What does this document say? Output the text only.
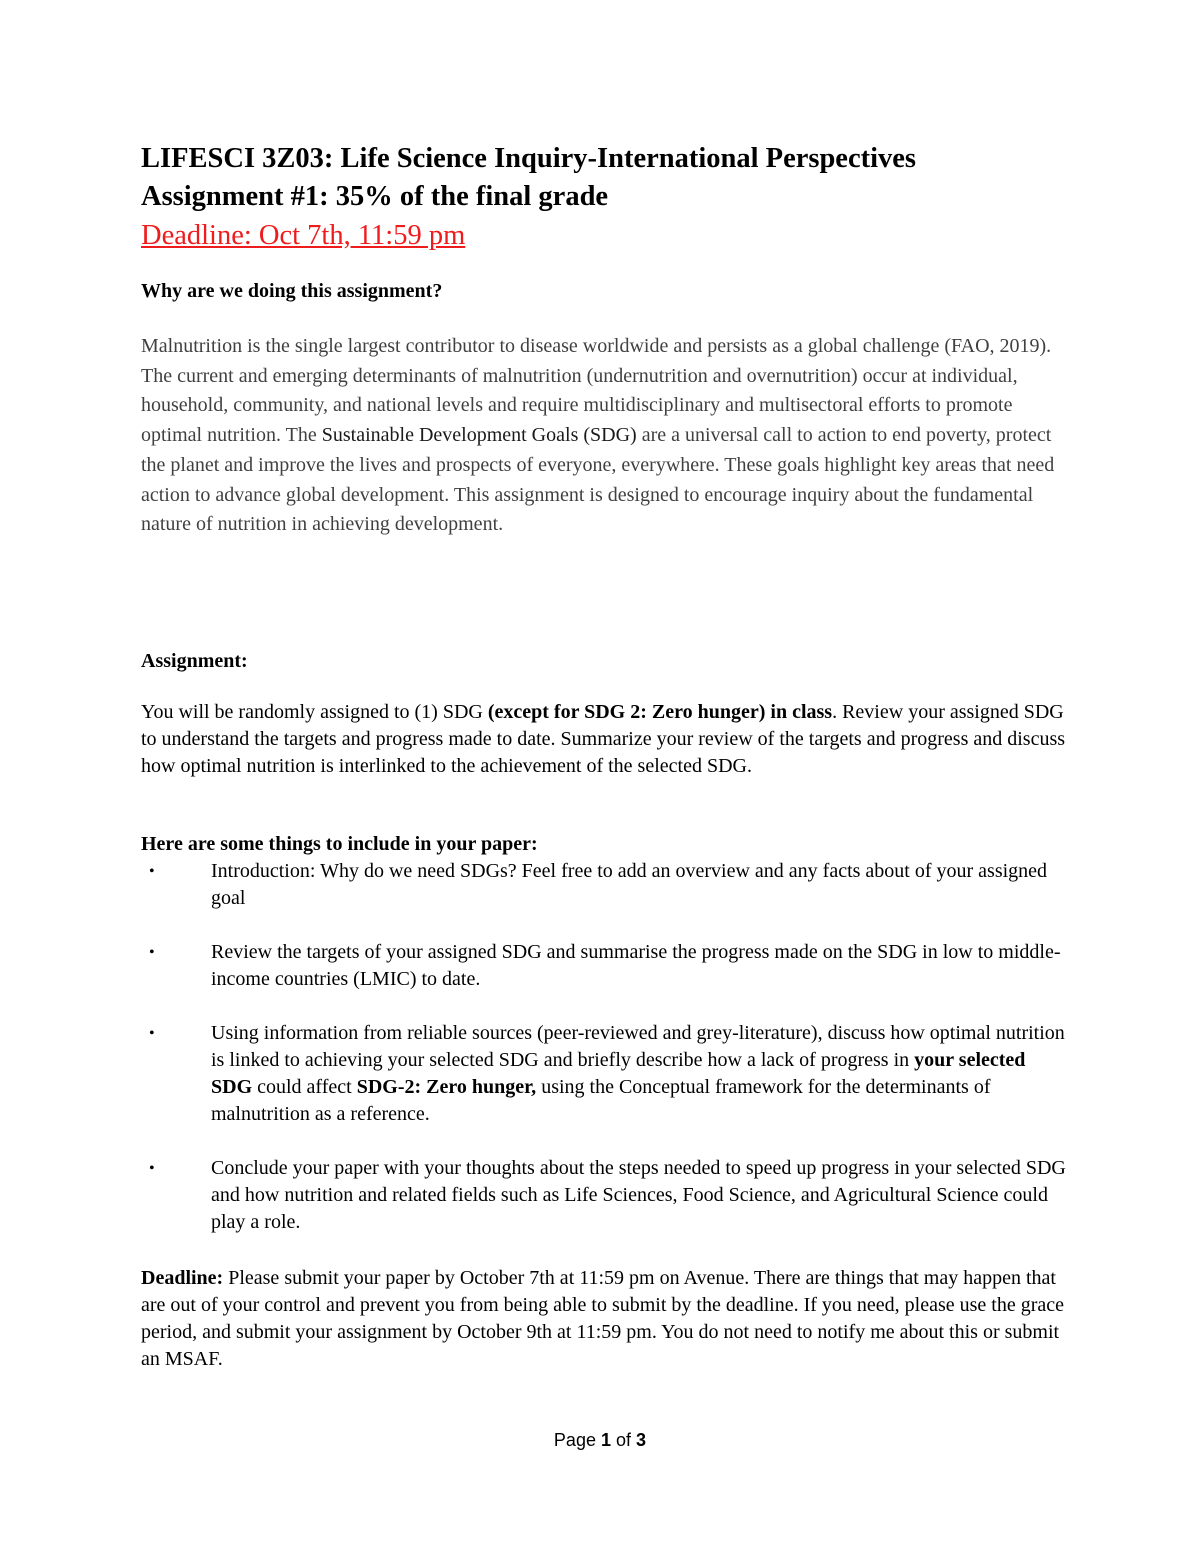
LIFESCI 3Z03: Life Science Inquiry-International Perspectives

Assignment #1: 35% of the final grade

Deadline: Oct 7th, 11:59 pm

Why are we doing this assignment?

Malnutrition is the single largest contributor to disease worldwide and persists as a global challenge (FAO, 2019). The current and emerging determinants of malnutrition (undernutrition and overnutrition) occur at individual, household, community, and national levels and require multidisciplinary and multisectoral efforts to promote optimal nutrition. The Sustainable Development Goals (SDG) are a universal call to action to end poverty, protect the planet and improve the lives and prospects of everyone, everywhere. These goals highlight key areas that need action to advance global development. This assignment is designed to encourage inquiry about the fundamental nature of nutrition in achieving development.

Assignment:

You will be randomly assigned to (1) SDG (except for SDG 2: Zero hunger) in class. Review your assigned SDG to understand the targets and progress made to date. Summarize your review of the targets and progress and discuss how optimal nutrition is interlinked to the achievement of the selected SDG.

Here are some things to include in your paper:

•	Introduction: Why do we need SDGs? Feel free to add an overview and any facts about of your assigned goal
•	Review the targets of your assigned SDG and summarise the progress made on the SDG in low to middle-income countries (LMIC) to date.
•	Using information from reliable sources (peer-reviewed and grey-literature), discuss how optimal nutrition is linked to achieving your selected SDG and briefly describe how a lack of progress in your selected SDG could affect SDG-2: Zero hunger, using the Conceptual framework for the determinants of malnutrition as a reference.
•	Conclude your paper with your thoughts about the steps needed to speed up progress in your selected SDG and how nutrition and related fields such as Life Sciences, Food Science, and Agricultural Science could play a role.

Deadline: Please submit your paper by October 7th at 11:59 pm on Avenue. There are things that may happen that are out of your control and prevent you from being able to submit by the deadline. If you need, please use the grace period, and submit your assignment by October 9th at 11:59 pm. You do not need to notify me about this or submit an MSAF.

Page 1 of 3
